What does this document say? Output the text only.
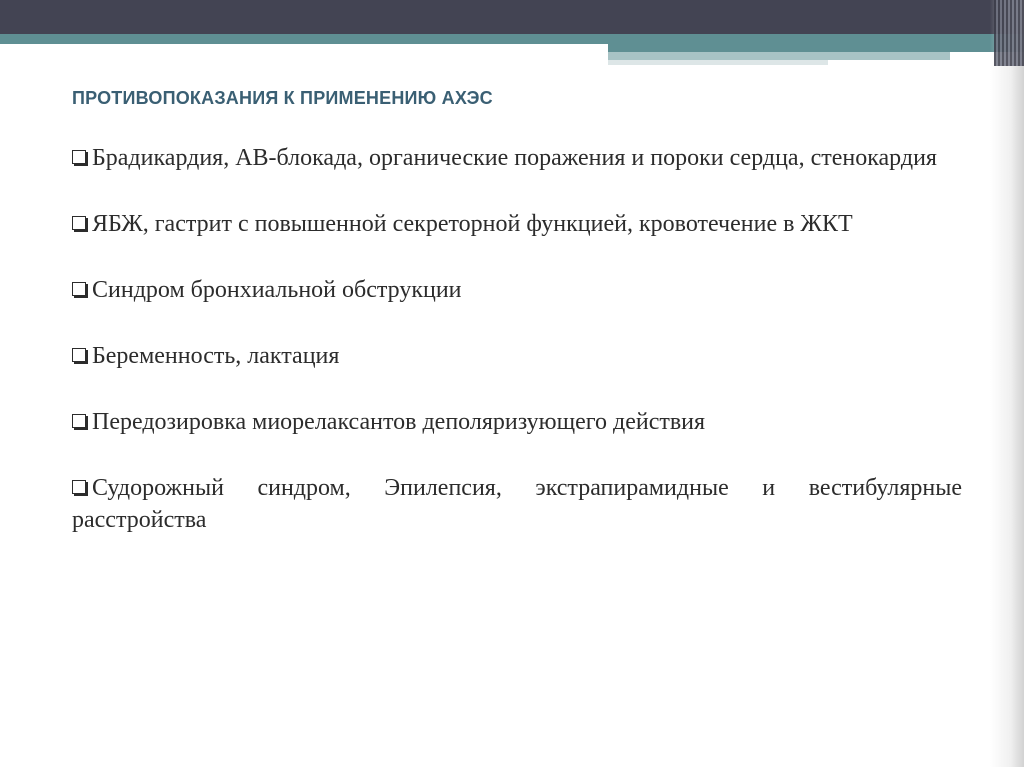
ПРОТИВОПОКАЗАНИЯ К ПРИМЕНЕНИЮ АХЭС

Брадикардия, АВ-блокада, органические поражения и пороки сердца, стенокардия

ЯБЖ, гастрит с повышенной секреторной функцией, кровотечение в ЖКТ

Синдром бронхиальной обструкции

Беременность, лактация

Передозировка миорелаксантов деполяризующего действия

Судорожный синдром, Эпилепсия, экстрапирамидные и вестибулярные расстройства
